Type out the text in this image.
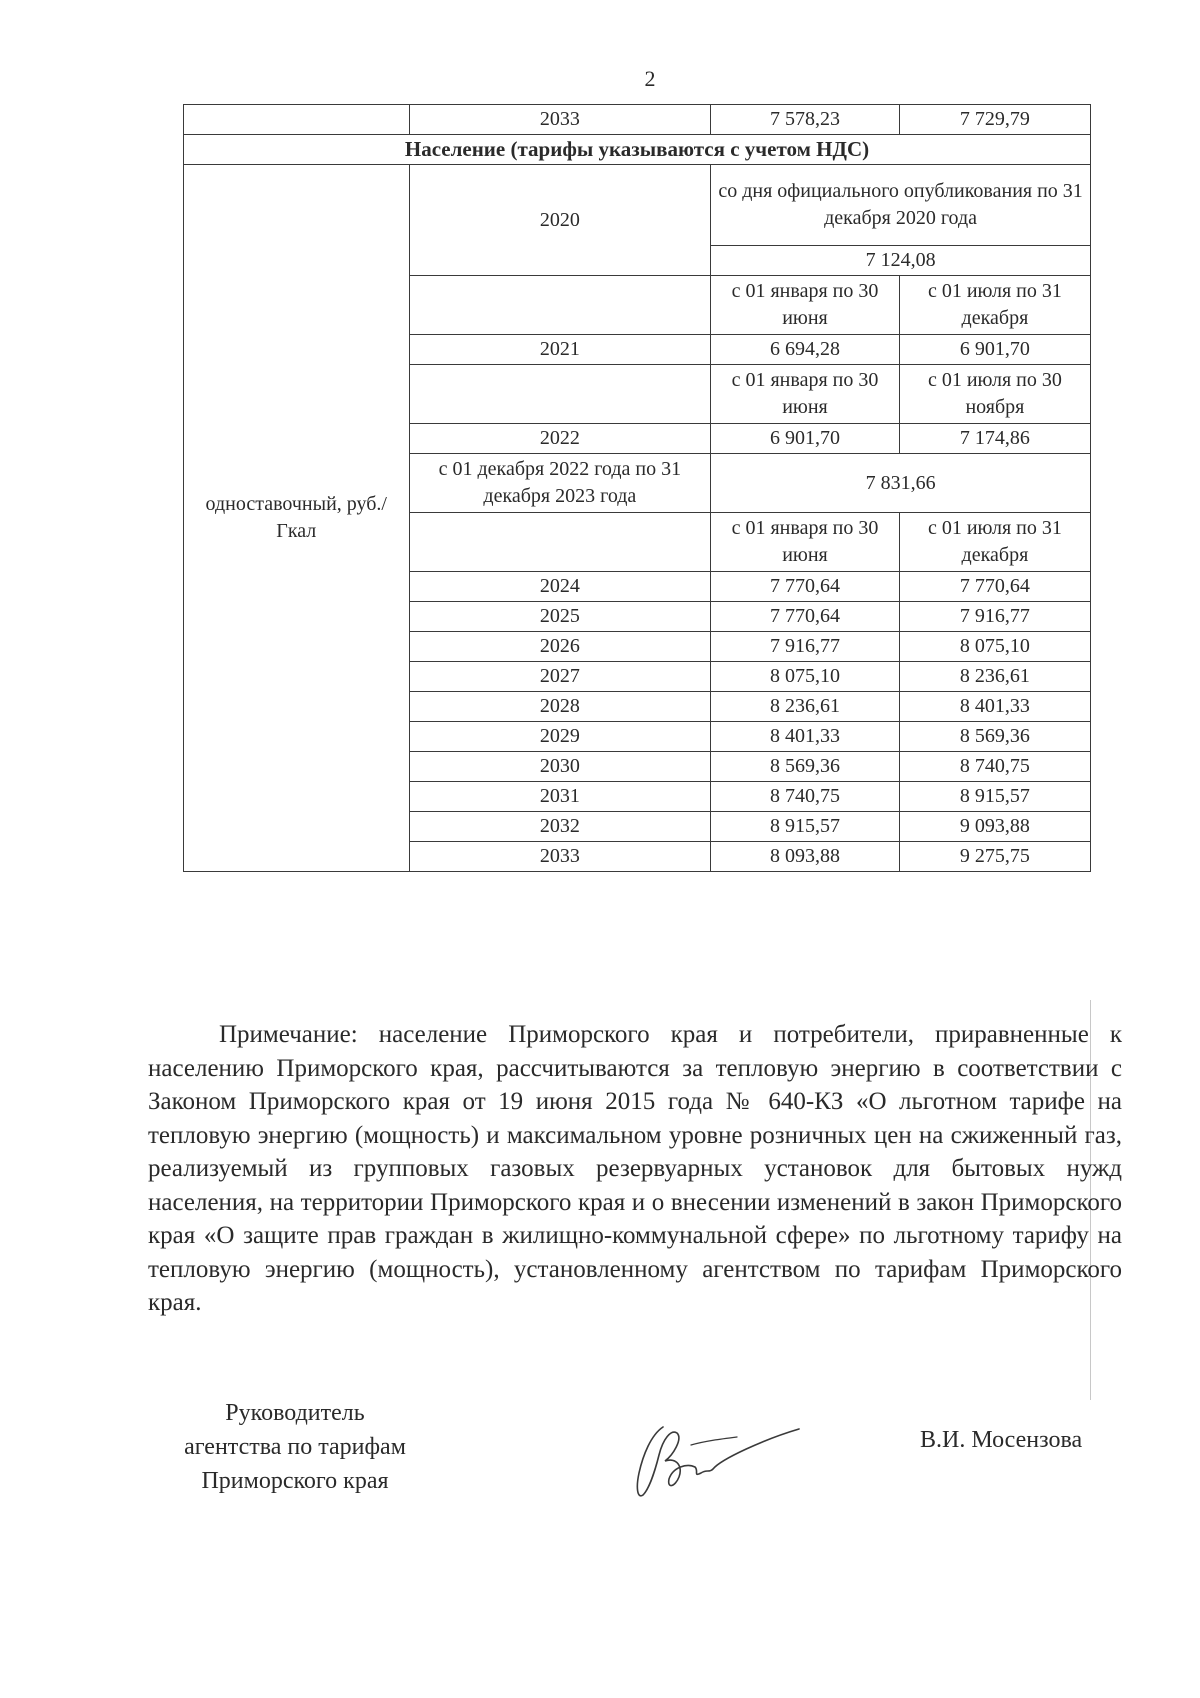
2
	2033	7 578,23	7 729,79
Население (тарифы указываются с учетом НДС)			
одноставочный, руб./Гкал	2020	со дня официального опубликования по 31 декабря 2020 года	
		7 124,08	
		с 01 января по 30 июня	с 01 июля по 31 декабря
	2021	6 694,28	6 901,70
		с 01 января по 30 июня	с 01 июля по 30 ноября
	2022	6 901,70	7 174,86
	с 01 декабря 2022 года по 31 декабря 2023 года	7 831,66	
		с 01 января по 30 июня	с 01 июля по 31 декабря
	2024	7 770,64	7 770,64
	2025	7 770,64	7 916,77
	2026	7 916,77	8 075,10
	2027	8 075,10	8 236,61
	2028	8 236,61	8 401,33
	2029	8 401,33	8 569,36
	2030	8 569,36	8 740,75
	2031	8 740,75	8 915,57
	2032	8 915,57	9 093,88
	2033	8 093,88	9 275,75

Примечание: население Приморского края и потребители, приравненные к населению Приморского края, рассчитываются за тепловую энергию в соответствии с Законом Приморского края от 19 июня 2015 года № 640-КЗ «О льготном тарифе на тепловую энергию (мощность) и максимальном уровне розничных цен на сжиженный газ, реализуемый из групповых газовых резервуарных установок для бытовых нужд населения, на территории Приморского края и о внесении изменений в закон Приморского края «О защите прав граждан в жилищно-коммунальной сфере» по льготному тарифу на тепловую энергию (мощность), установленному агентством по тарифам Приморского края.

Руководитель
агентства по тарифам
Приморского края
В.И. Мосензова
